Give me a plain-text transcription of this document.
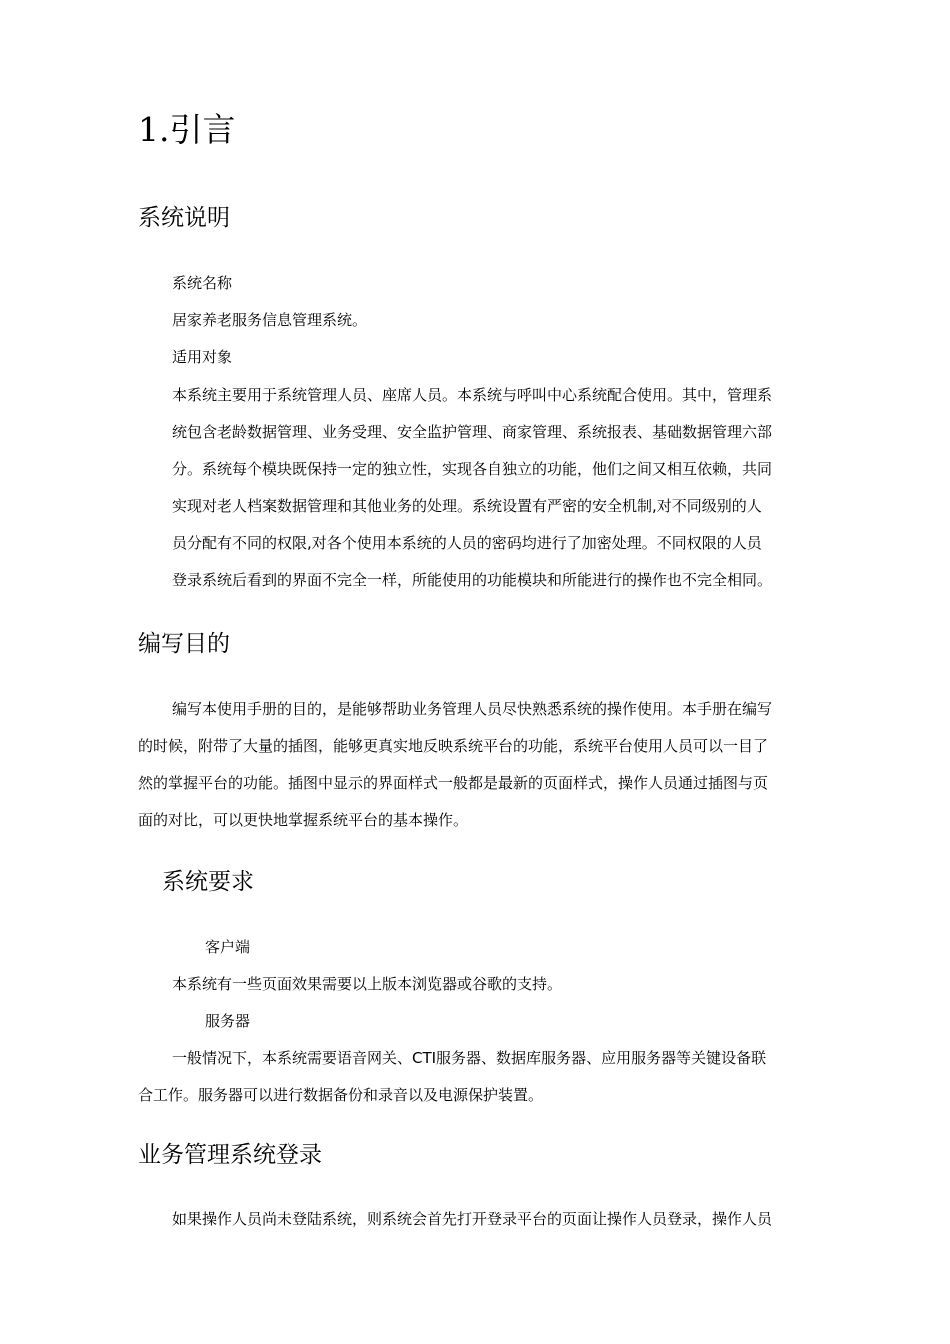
1.引言
系统说明
系统名称
居家养老服务信息管理系统。
适用对象
本系统主要用于系统管理人员、座席人员。本系统与呼叫中心系统配合使用。其中，管理系
统包含老龄数据管理、业务受理、安全监护管理、商家管理、系统报表、基础数据管理六部
分。系统每个模块既保持一定的独立性，实现各自独立的功能，他们之间又相互依赖，共同
实现对老人档案数据管理和其他业务的处理。系统设置有严密的安全机制,对不同级别的人
员分配有不同的权限,对各个使用本系统的人员的密码均进行了加密处理。不同权限的人员
登录系统后看到的界面不完全一样，所能使用的功能模块和所能进行的操作也不完全相同。
编写目的
编写本使用手册的目的，是能够帮助业务管理人员尽快熟悉系统的操作使用。本手册在编写
的时候，附带了大量的插图，能够更真实地反映系统平台的功能，系统平台使用人员可以一目了
然的掌握平台的功能。插图中显示的界面样式一般都是最新的页面样式，操作人员通过插图与页
面的对比，可以更快地掌握系统平台的基本操作。
系统要求
客户端
本系统有一些页面效果需要以上版本浏览器或谷歌的支持。
服务器
一般情况下，本系统需要语音网关、CTI服务器、数据库服务器、应用服务器等关键设备联
合工作。服务器可以进行数据备份和录音以及电源保护装置。
业务管理系统登录
如果操作人员尚未登陆系统，则系统会首先打开登录平台的页面让操作人员登录，操作人员
